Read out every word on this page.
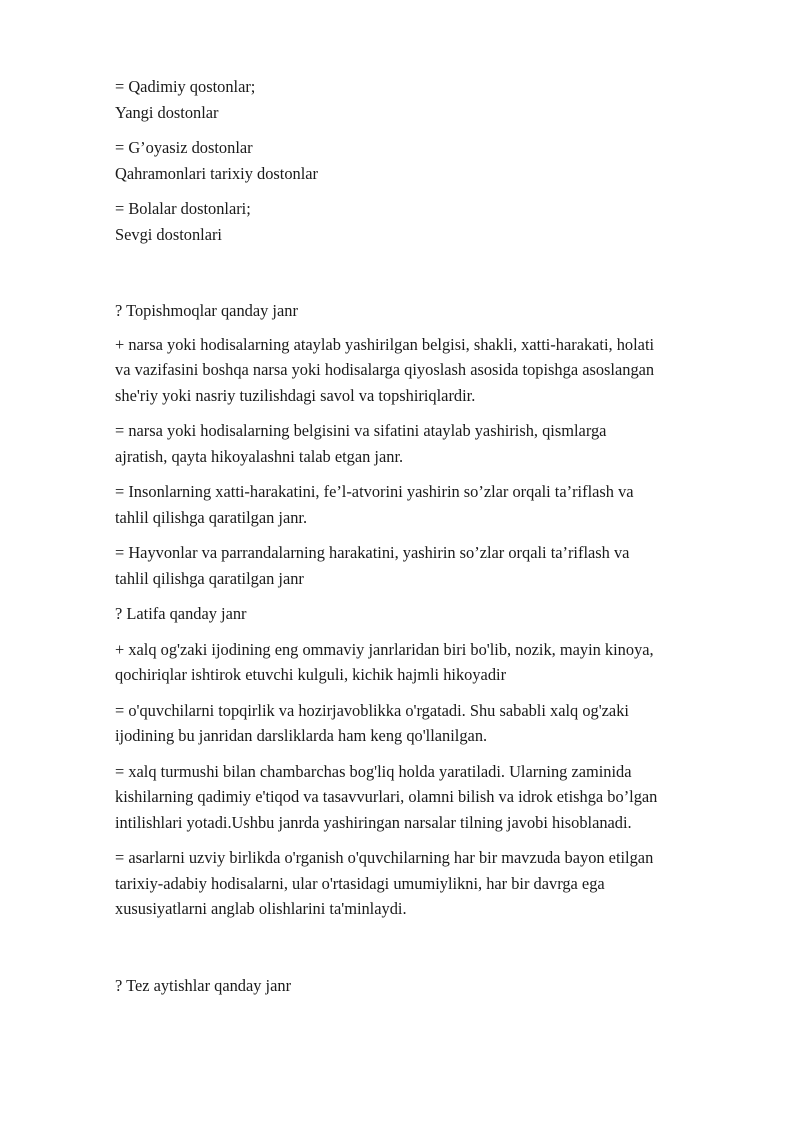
= Qadimiy qostonlar;
Yangi dostonlar
= G’oyasiz dostonlar
Qahramonlari tarixiy dostonlar
= Bolalar dostonlari;
Sevgi dostonlari
? Topishmoqlar qanday janr
+ narsa yoki hodisalarning ataylab yashirilgan belgisi, shakli, xatti-harakati, holati
va vazifasini boshqa narsa yoki hodisalarga qiyoslash asosida topishga asoslangan
she'riy yoki nasriy tuzilishdagi savol va topshiriqlardir.
= narsa yoki hodisalarning belgisini va sifatini ataylab yashirish, qismlarga
ajratish, qayta hikoyalashni talab etgan janr.
= Insonlarning xatti-harakatini, fe’l-atvorini yashirin so’zlar orqali ta’riflash va
tahlil qilishga qaratilgan janr.
= Hayvonlar va parrandalarning harakatini, yashirin so’zlar orqali ta’riflash va
tahlil qilishga qaratilgan janr
? Latifa qanday janr
+ xalq og'zaki ijodining eng ommaviy janrlaridan biri bo'lib, nozik, mayin kinoya,
qochiriqlar ishtirok etuvchi kulguli, kichik hajmli hikoyadir
= o'quvchilarni topqirlik va hozirjavoblikka o'rgatadi. Shu sababli xalq og'zaki
ijodining bu janridan darsliklarda ham keng qo'llanilgan.
= xalq turmushi bilan chambarchas bog'liq holda yaratiladi. Ularning zaminida
kishilarning qadimiy e'tiqod va tasavvurlari, olamni bilish va idrok etishga bo’lgan
intilishlari yotadi.Ushbu janrda yashiringan narsalar tilning javobi hisoblanadi.
= asarlarni uzviy birlikda o'rganish o'quvchilarning har bir mavzuda bayon etilgan
tarixiy-adabiy hodisalarni, ular o'rtasidagi umumiylikni, har bir davrga ega
xususiyatlarni anglab olishlarini ta'minlaydi.
? Tez aytishlar qanday janr
